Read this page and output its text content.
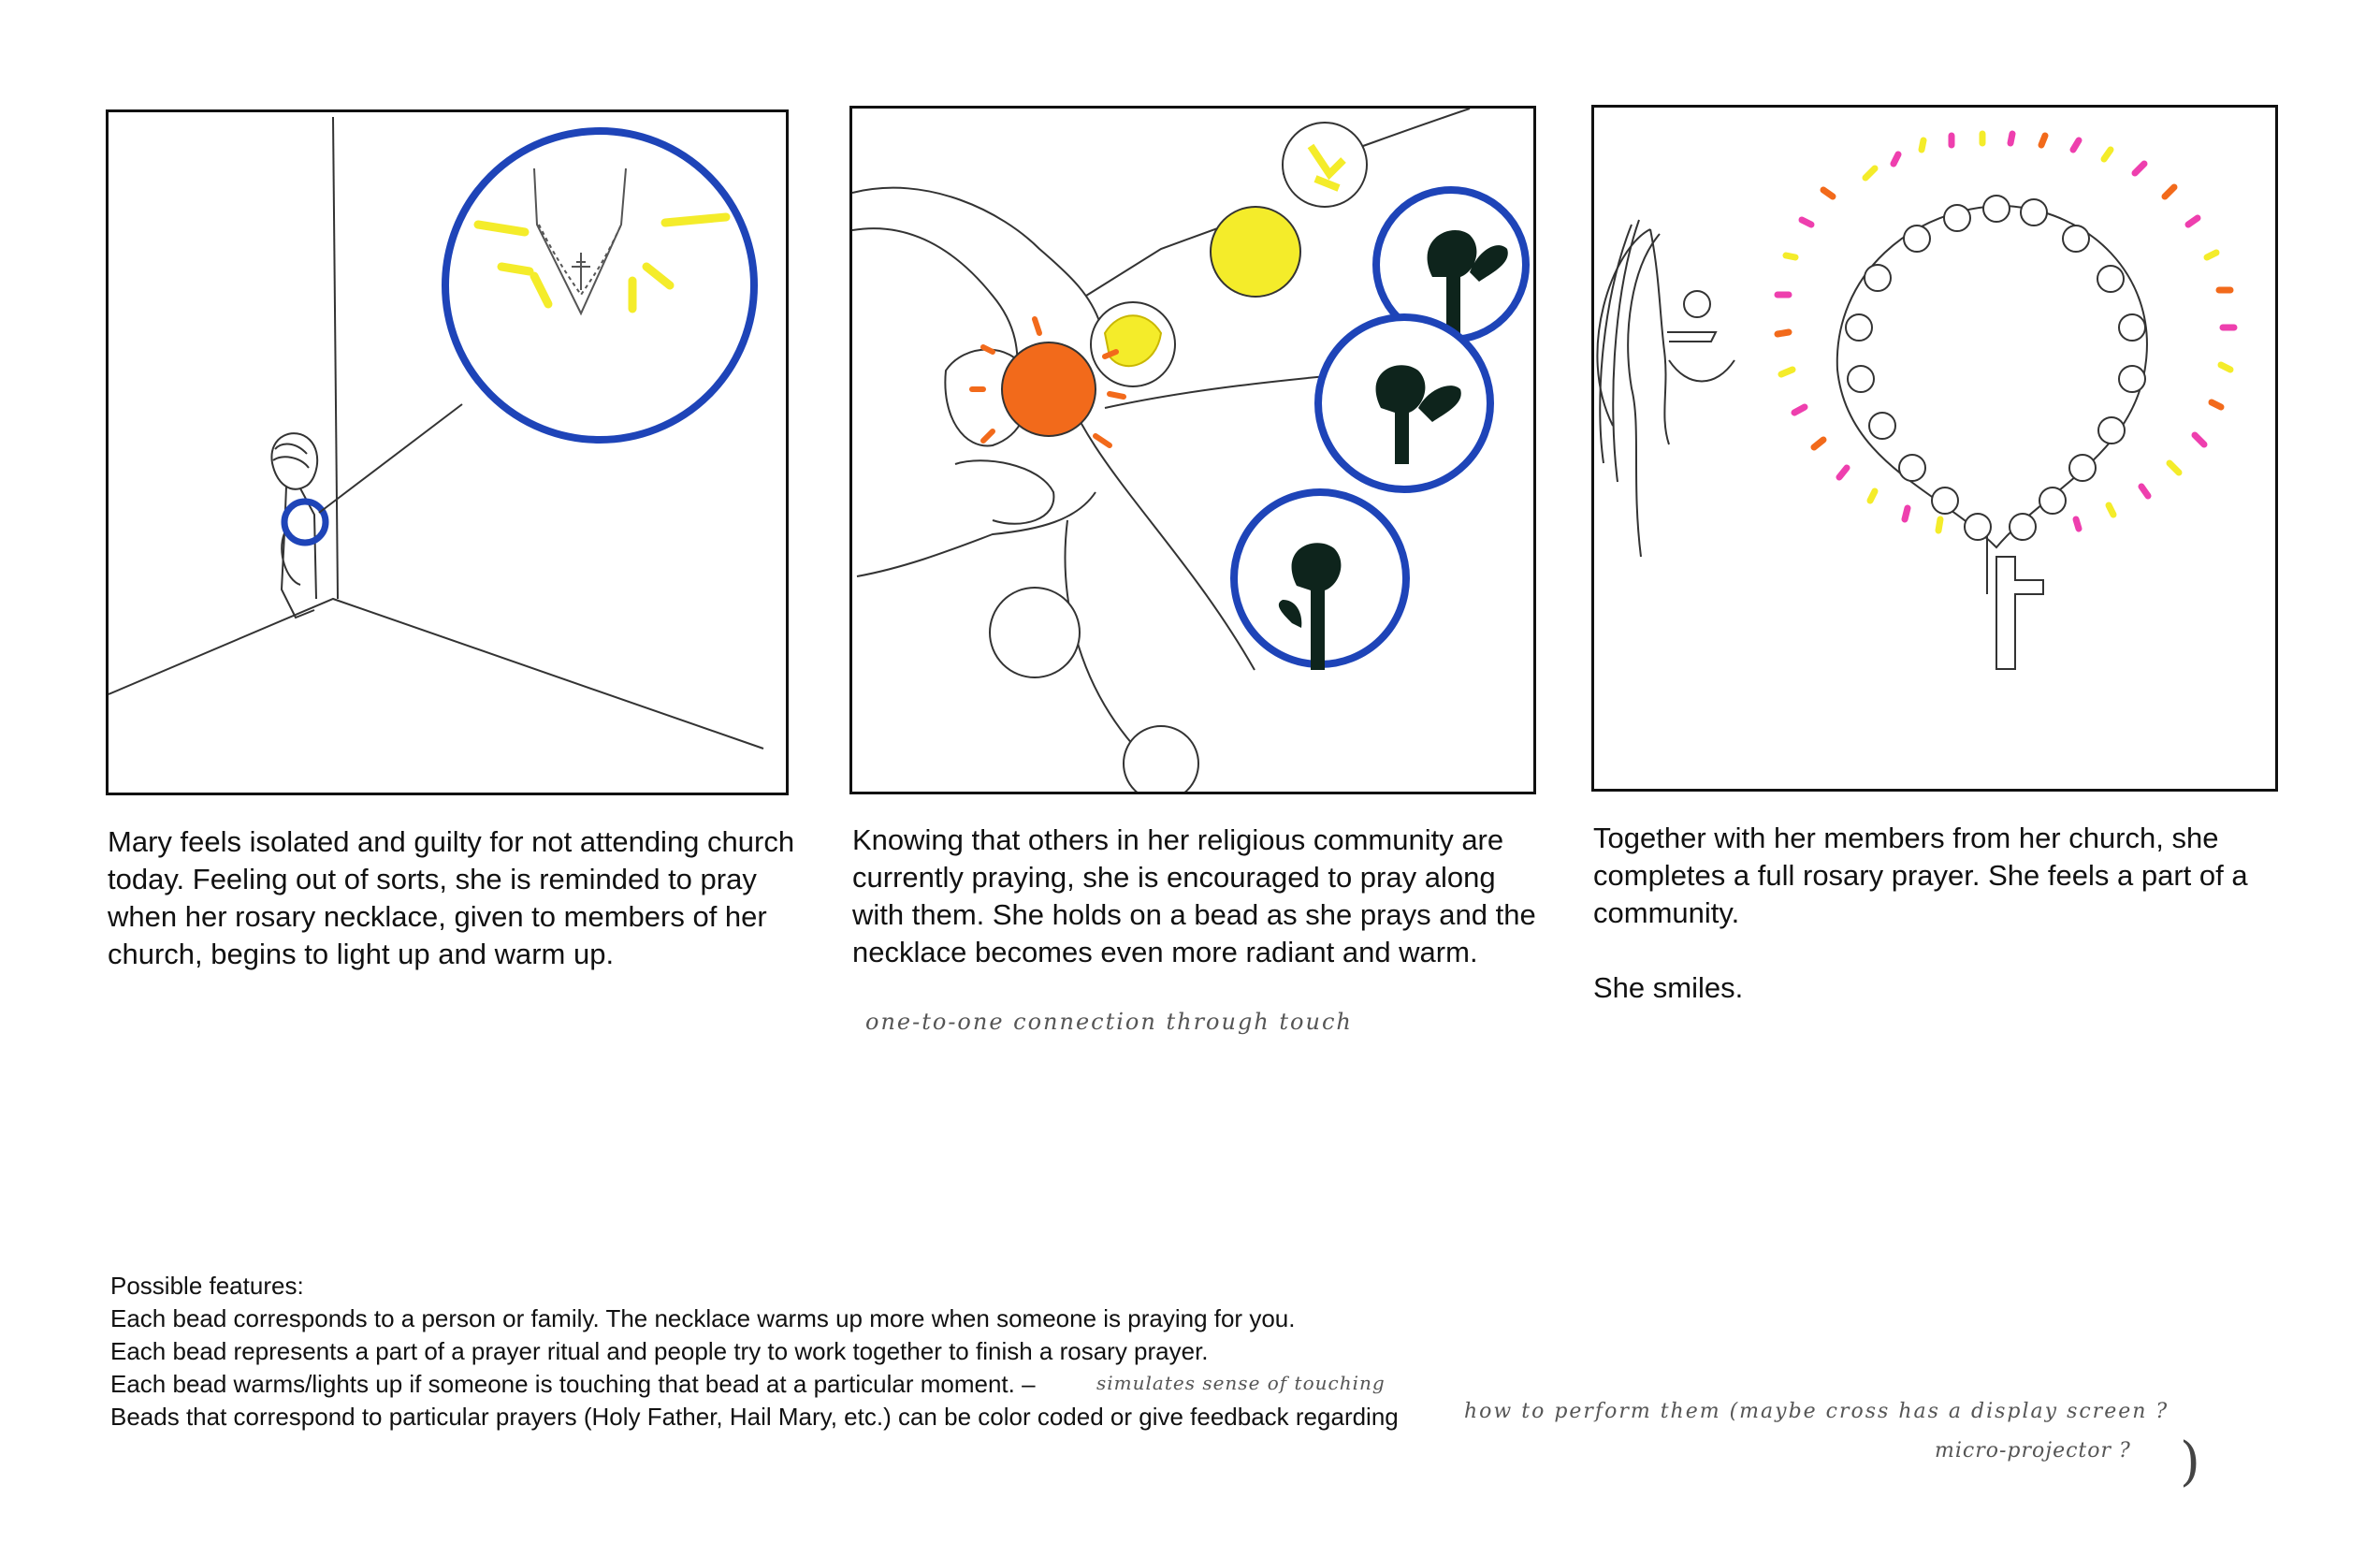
Mary feels isolated and guilty for not attending church today. Feeling out of sorts, she is reminded to pray when her rosary necklace, given to members of her church, begins to light up and warm up.

Knowing that others in her religious community are currently praying, she is encouraged to pray along with them. She holds on a bead as she prays and the necklace becomes even more radiant and warm.

Together with her members from her church, she completes a full rosary prayer. She feels a part of a community.

She smiles.

one-to-one connection through touch
Possible features:
Each bead corresponds to a person or family. The necklace warms up more when someone is praying for you.
Each bead represents a part of a prayer ritual and people try to work together to finish a rosary prayer.
Each bead warms/lights up if someone is touching that bead at a particular moment. –
Beads that correspond to particular prayers (Holy Father, Hail Mary, etc.) can be color coded or give feedback regarding
simulates sense of touching
how to perform them (maybe cross has a display screen ?
micro-projector ? )
